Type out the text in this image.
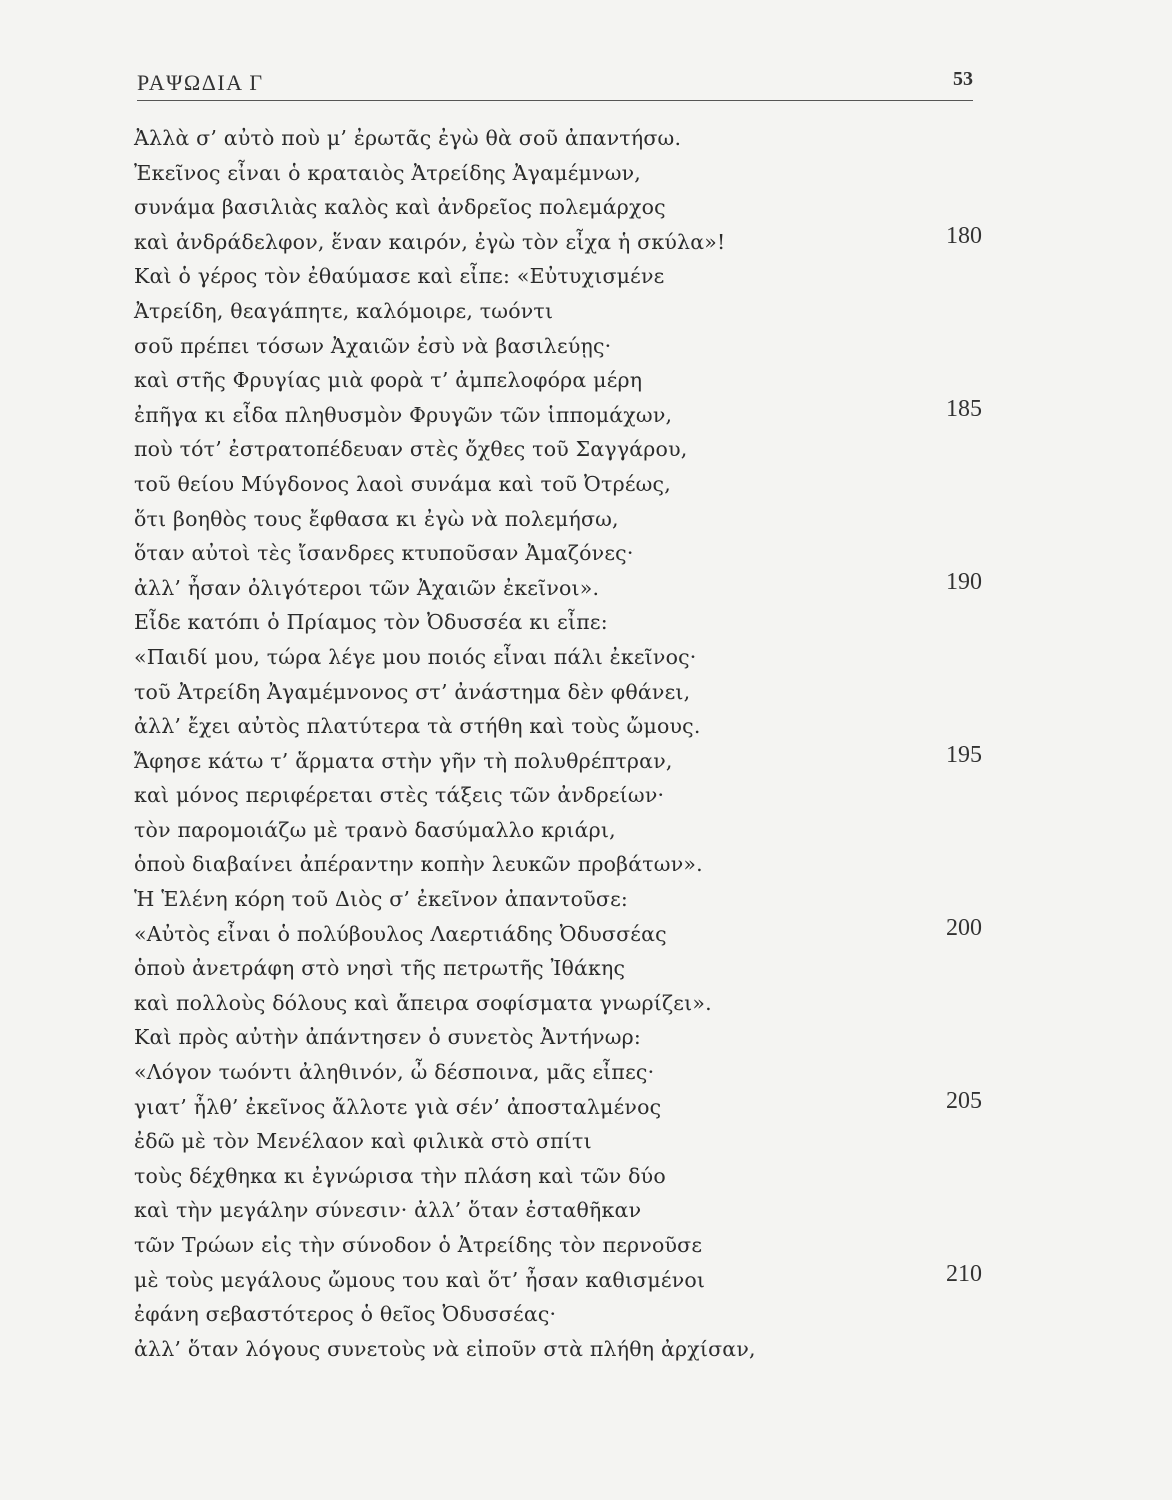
ΡΑΨΩΔΙΑ Γ	53
Ἀλλὰ σ’ αὐτὸ ποὺ μ’ ἐρωτᾶς ἐγὼ θὰ σοῦ ἀπαντήσω.
Ἐκεῖνος εἶναι ὁ κραταιὸς Ἀτρείδης Ἀγαμέμνων,
συνάμα βασιλιὰς καλὸς καὶ ἀνδρεῖος πολεμάρχος
καὶ ἀνδράδελφον, ἕναν καιρόν, ἐγὼ τὸν εἶχα ἡ σκύλα»!	180
Καὶ ὁ γέρος τὸν ἐθαύμασε καὶ εἶπε: «Εὐτυχισμένε
Ἀτρείδη, θεαγάπητε, καλόμοιρε, τωόντι
σοῦ πρέπει τόσων Ἀχαιῶν ἐσὺ νὰ βασιλεύῃς·
καὶ στῆς Φρυγίας μιὰ φορὰ τ’ ἀμπελοφόρα μέρη
ἐπῆγα κι εἶδα πληθυσμὸν Φρυγῶν τῶν ἱππομάχων,	185
ποὺ τότ’ ἐστρατοπέδευαν στὲς ὄχθες τοῦ Σαγγάρου,
τοῦ θείου Μύγδονος λαοὶ συνάμα καὶ τοῦ Ὀτρέως,
ὅτι βοηθὸς τους ἔφθασα κι ἐγὼ νὰ πολεμήσω,
ὅταν αὐτοὶ τὲς ἴσανδρες κτυποῦσαν Ἀμαζόνες·
ἀλλ’ ἦσαν ὀλιγότεροι τῶν Ἀχαιῶν ἐκεῖνοι».	190
Εἶδε κατόπι ὁ Πρίαμος τὸν Ὀδυσσέα κι εἶπε:
«Παιδί μου, τώρα λέγε μου ποιός εἶναι πάλι ἐκεῖνος·
τοῦ Ἀτρείδη Ἀγαμέμνονος στ’ ἀνάστημα δὲν φθάνει,
ἀλλ’ ἔχει αὐτὸς πλατύτερα τὰ στήθη καὶ τοὺς ὤμους.
Ἄφησε κάτω τ’ ἅρματα στὴν γῆν τὴ πολυθρέπτραν,	195
καὶ μόνος περιφέρεται στὲς τάξεις τῶν ἀνδρείων·
τὸν παρομοιάζω μὲ τρανὸ δασύμαλλο κριάρι,
ὁποὺ διαβαίνει ἀπέραντην κοπὴν λευκῶν προβάτων».
Ἡ Ἑλένη κόρη τοῦ Διὸς σ’ ἐκεῖνον ἀπαντοῦσε:
«Αὐτὸς εἶναι ὁ πολύβουλος Λαερτιάδης Ὀδυσσέας	200
ὁποὺ ἀνετράφη στὸ νησὶ τῆς πετρωτῆς Ἰθάκης
καὶ πολλοὺς δόλους καὶ ἄπειρα σοφίσματα γνωρίζει».
Καὶ πρὸς αὐτὴν ἀπάντησεν ὁ συνετὸς Ἀντήνωρ:
«Λόγον τωόντι ἀληθινόν, ὦ δέσποινα, μᾶς εἶπες·
γιατ’ ἦλθ’ ἐκεῖνος ἄλλοτε γιὰ σέν’ ἀποσταλμένος	205
ἐδῶ μὲ τὸν Μενέλαον καὶ φιλικὰ στὸ σπίτι
τοὺς δέχθηκα κι ἐγνώρισα τὴν πλάση καὶ τῶν δύο
καὶ τὴν μεγάλην σύνεσιν· ἀλλ’ ὅταν ἐσταθῆκαν
τῶν Τρώων εἰς τὴν σύνοδον ὁ Ἀτρείδης τὸν περνοῦσε
μὲ τοὺς μεγάλους ὤμους του καὶ ὅτ’ ἦσαν καθισμένοι	210
ἐφάνη σεβαστότερος ὁ θεῖος Ὀδυσσέας·
ἀλλ’ ὅταν λόγους συνετοὺς νὰ εἰποῦν στὰ πλήθη ἀρχίσαν,
